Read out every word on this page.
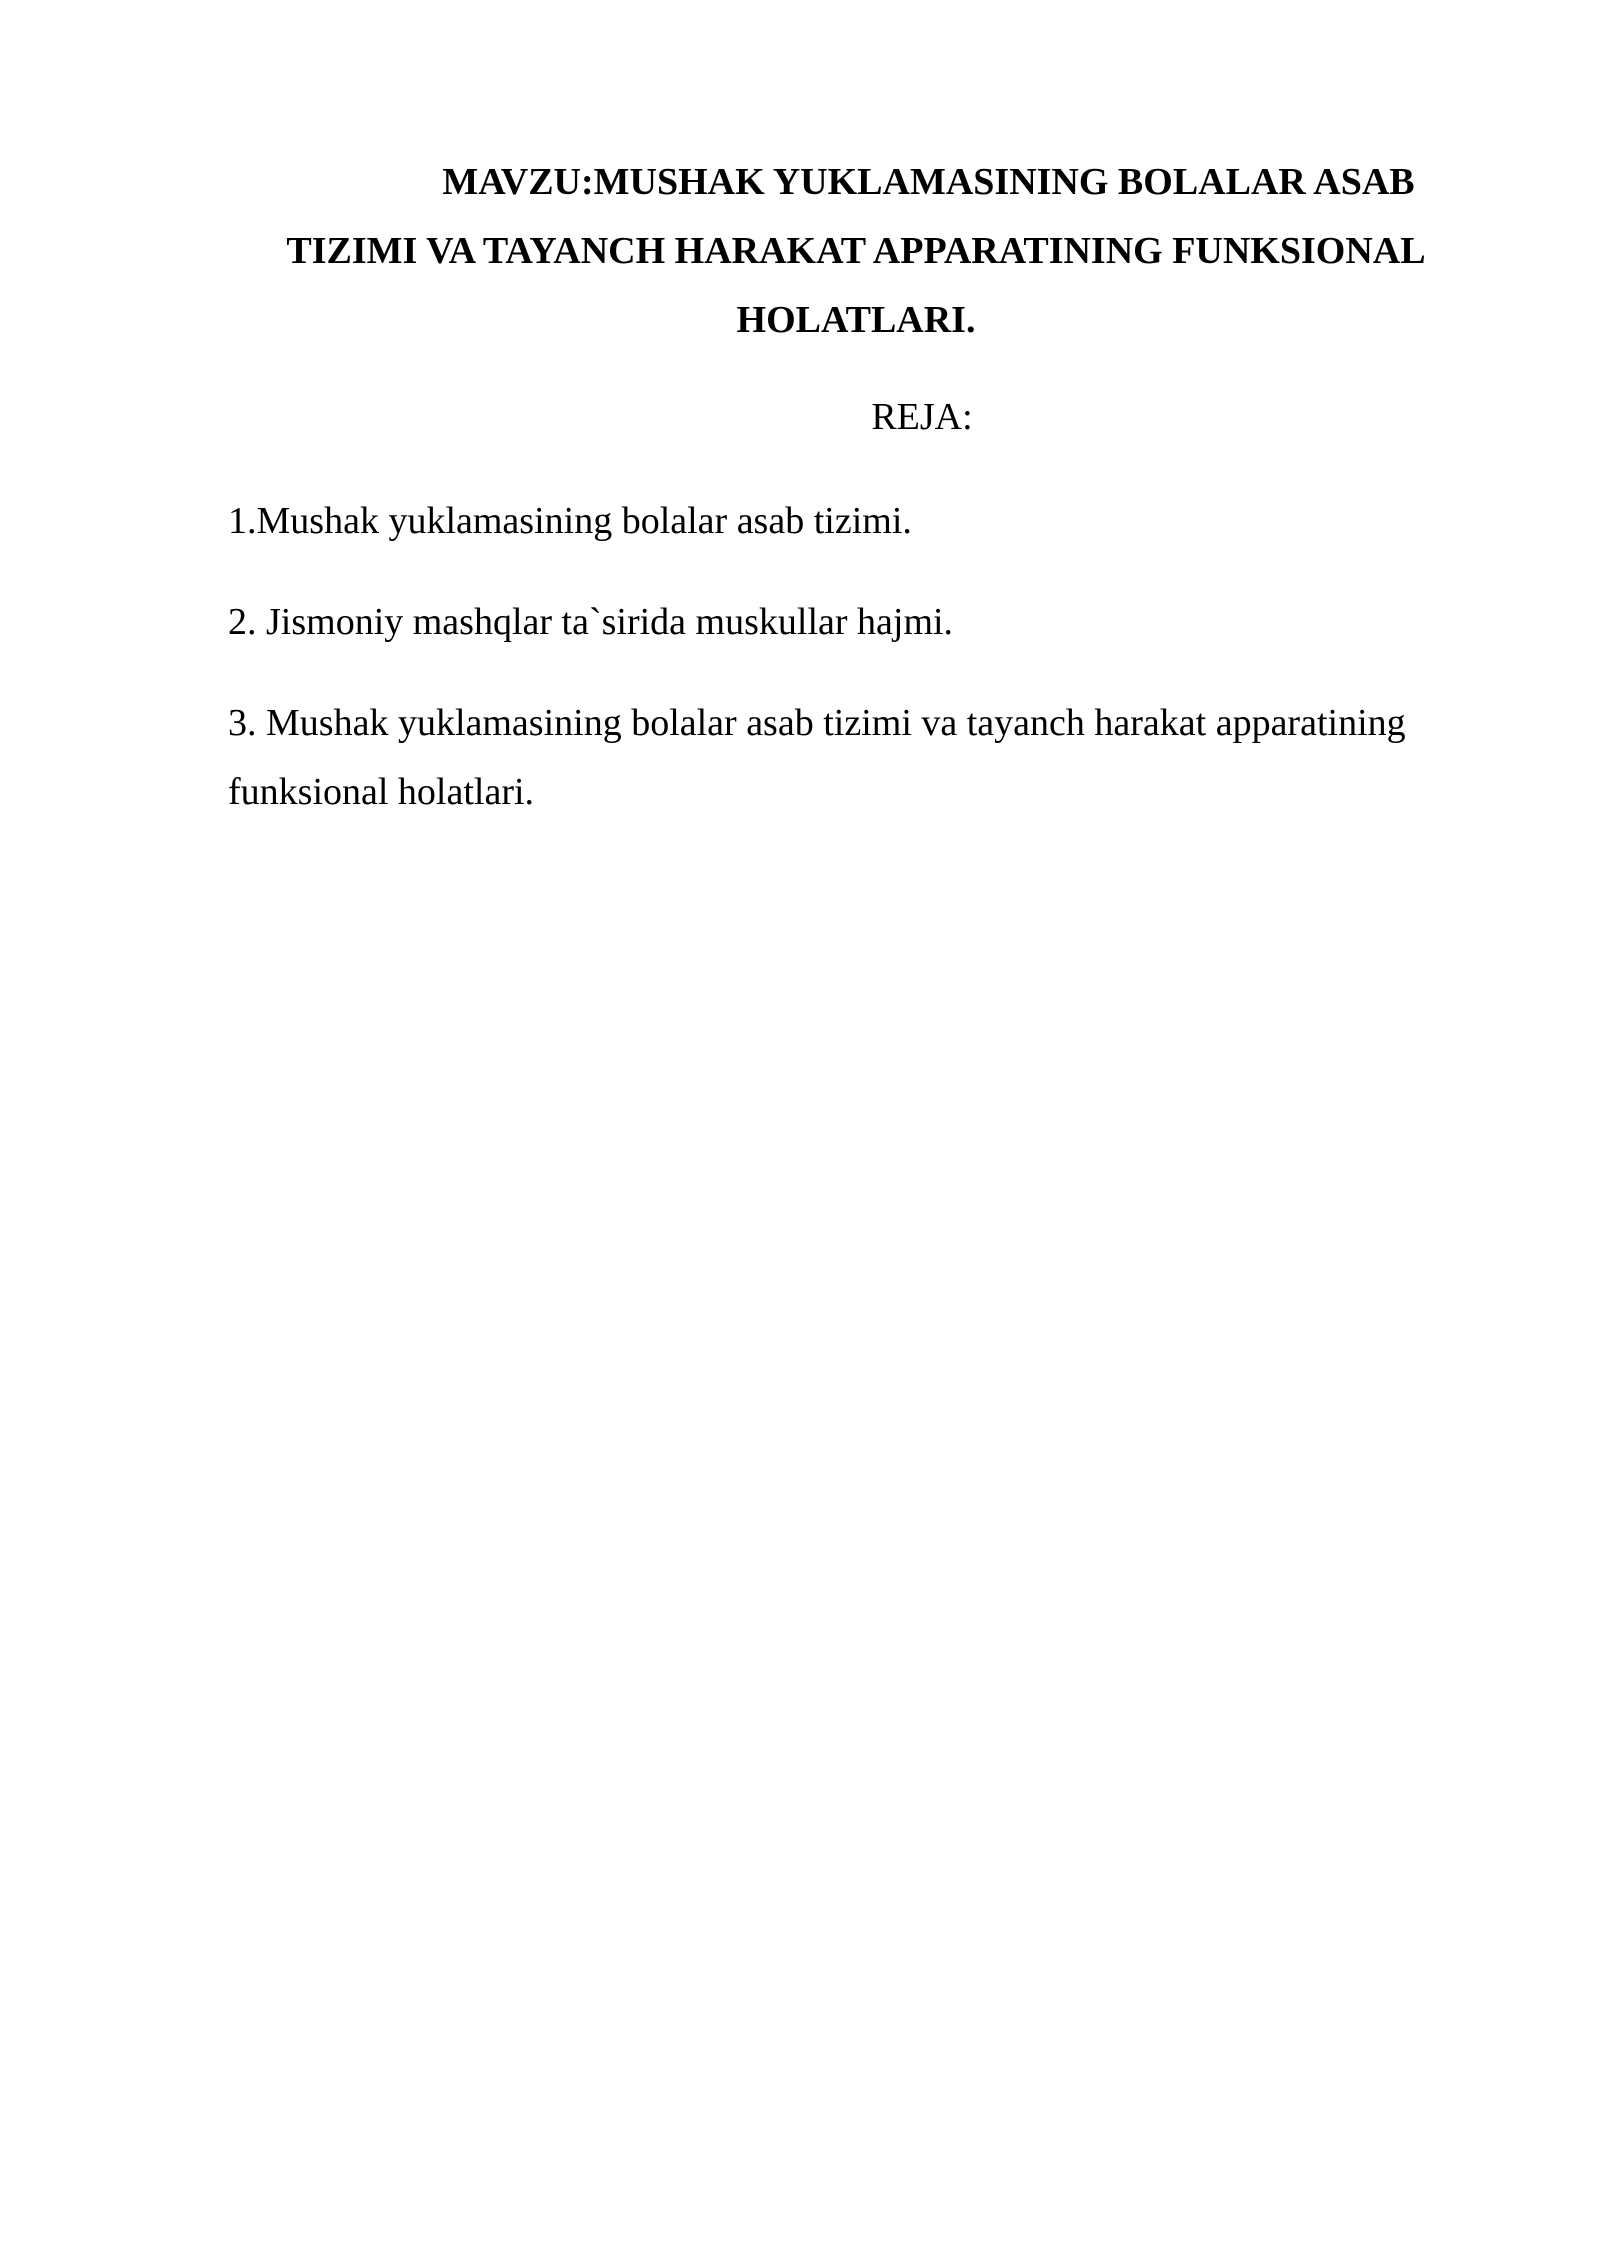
MAVZU:MUSHAK YUKLAMASINING BOLALAR ASAB TIZIMI VA TAYANCH HARAKAT APPARATINING FUNKSIONAL HOLATLARI.

REJA:

1.Mushak yuklamasining bolalar asab tizimi.
2. Jismoniy mashqlar ta`sirida muskullar hajmi.
3. Mushak yuklamasining bolalar asab tizimi va tayanch harakat apparatining funksional holatlari.
